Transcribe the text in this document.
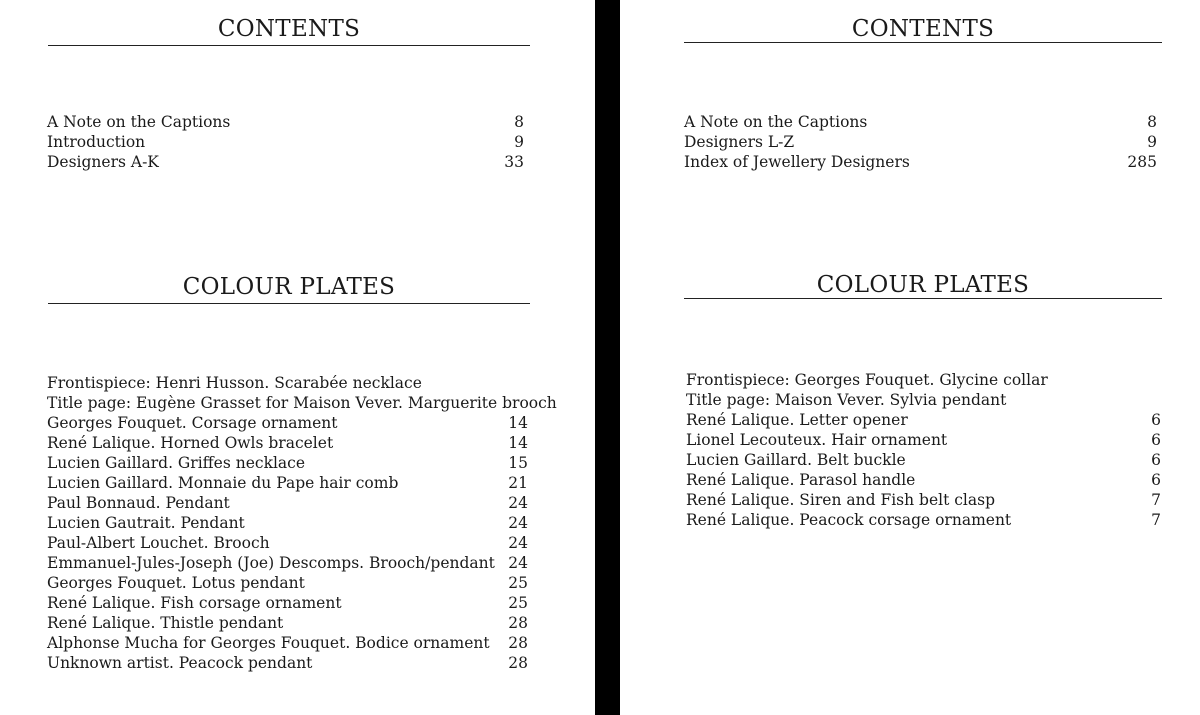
CONTENTS
A Note on the Captions	8
Introduction	9
Designers A-K	33
COLOUR PLATES
Frontispiece: Henri Husson. Scarabée necklace
Title page: Eugène Grasset for Maison Vever. Marguerite brooch
Georges Fouquet. Corsage ornament	14
René Lalique. Horned Owls bracelet	14
Lucien Gaillard. Griffes necklace	15
Lucien Gaillard. Monnaie du Pape hair comb	21
Paul Bonnaud. Pendant	24
Lucien Gautrait. Pendant	24
Paul-Albert Louchet. Brooch	24
Emmanuel-Jules-Joseph (Joe) Descomps. Brooch/pendant 24
Georges Fouquet. Lotus pendant	25
René Lalique. Fish corsage ornament	25
René Lalique. Thistle pendant	28
Alphonse Mucha for Georges Fouquet. Bodice ornament 28
Unknown artist. Peacock pendant	28
CONTENTS
A Note on the Captions	8
Designers L-Z	9
Index of Jewellery Designers	285
COLOUR PLATES
Frontispiece: Georges Fouquet. Glycine collar
Title page: Maison Vever. Sylvia pendant
René Lalique. Letter opener	6
Lionel Lecouteux. Hair ornament	6
Lucien Gaillard. Belt buckle	6
René Lalique. Parasol handle	6
René Lalique. Siren and Fish belt clasp	7
René Lalique. Peacock corsage ornament	7
